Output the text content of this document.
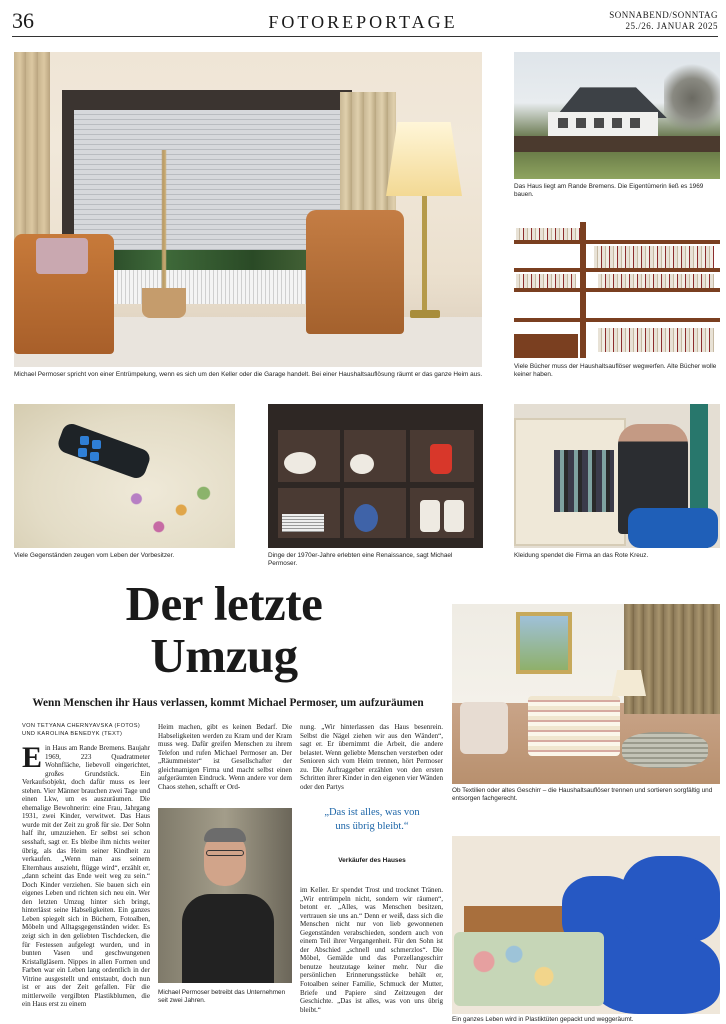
36	FOTOREPORTAGE	SONNABEND/SONNTAG
25./26. JANUAR 2025
Michael Permoser spricht von einer Entrümpelung, wenn es sich um den Keller oder die Garage handelt. Bei einer Haushaltsauflösung räumt er das ganze Heim aus.
Das Haus liegt am Rande Bremens. Die Eigentümerin ließ es 1969 bauen.
Viele Bücher muss der Haushaltsauflöser wegwerfen. Alte Bücher wolle keiner haben.
Viele Gegenständen zeugen vom Leben der Vorbesitzer.	Dinge der 1970er-Jahre erlebten eine Renaissance, sagt Michael Permoser.
Kleidung spendet die Firma an das Rote Kreuz.
Der letzte
Umzug
Wenn Menschen ihr Haus verlassen, kommt Michael Permoser, um aufzuräumen
Ob Textilien oder altes Geschirr – die Haushaltsauflöser trennen und sortieren sorgfältig und entsorgen fachgerecht.
VON TETYANA CHERNYAVSKA (FOTOS)
UND KAROLINA BENEDYK (TEXT)
Ein Haus am Rande Bremens. Baujahr 1969, 223 Quadratmeter Wohnfläche, liebevoll eingerichtet, großes Grundstück. Ein Verkaufsobjekt, doch dafür muss es leer stehen. Vier Männer brauchen zwei Tage und einen Lkw, um es auszuräumen. Die ehemalige Bewohnerin: eine Frau, Jahrgang 1931, zwei Kinder, verwitwet. Das Haus wurde mit der Zeit zu groß für sie. Der Sohn half ihr, umzuziehen. Er selbst sei schon sesshaft, sagt er. Es bleibe ihm nichts weiter übrig, als das Heim seiner Kindheit zu verkaufen. „Wenn man aus seinem Elternhaus auszieht, flügge wird“, erzählt er, „dann scheint das Ende weit weg zu sein.“ Doch Kinder verziehen. Sie bauen sich ein eigenes Leben und richten sich neu ein. Wer den letzten Umzug hinter sich bringt, hinterlässt seine Habseligkeiten. Ein ganzes Leben spiegelt sich in Büchern, Fotoalben, Möbeln und Alltagsgegenständen wider. Es zeigt sich in den geliebten Tischdecken, die für Festessen aufgelegt wurden, und in bunten Vasen und geschwungenen Kristallgläsern. Nippes in allen Formen und Farben war ein Leben lang ordentlich in der Vitrine ausgestellt und entstaubt, doch nun ist er aus der Zeit gefallen. Für die mittlerweile vergilbten Plastikblumen, die ein Haus erst zu einem
Heim machen, gibt es keinen Bedarf. Die Habseligkeiten werden zu Kram und der Kram muss weg. Dafür greifen Menschen zu ihrem Telefon und rufen Michael Permoser an. Der „Räummeister“ ist Gesellschafter der gleichnamigen Firma und macht selbst einen aufgeräumten Eindruck. Wenn andere vor dem Chaos stehen, schafft er Ord-
Michael Permoser betreibt das Unternehmen seit zwei Jahren.
nung. „Wir hinterlassen das Haus besenrein. Selbst die Nägel ziehen wir aus den Wänden“, sagt er. Er übernimmt die Arbeit, die andere belastet. Wenn geliebte Menschen versterben oder Senioren sich vom Heim trennen, hört Permoser zu. Die Auftraggeber erzählen von den ersten Schritten ihrer Kinder in den eigenen vier Wänden oder den Partys
„Das ist alles, was von uns übrig bleibt.“
Verkäufer des Hauses
im Keller. Er spendet Trost und trocknet Tränen. „Wir entrümpeln nicht, sondern wir räumen“, betont er. „Alles, was Menschen besitzen, vertrauen sie uns an.“ Denn er weiß, dass sich die Menschen nicht nur von lieb gewonnenen Gegenständen verabschieden, sondern auch von einem Teil ihrer Vergangenheit. Für den Sohn ist der Abschied „schnell und schmerzlos“. Die Möbel, Gemälde und das Porzellangeschirr benutze heutzutage keiner mehr. Nur die persönlichen Erinnerungsstücke behält er, Fotoalben seiner Familie, Schmuck der Mutter, Briefe und Papiere sind Zeitzeugen der Geschichte. „Das ist alles, was von uns übrig bleibt.“
Ein ganzes Leben wird in Plastiktüten gepackt und weggeräumt.
